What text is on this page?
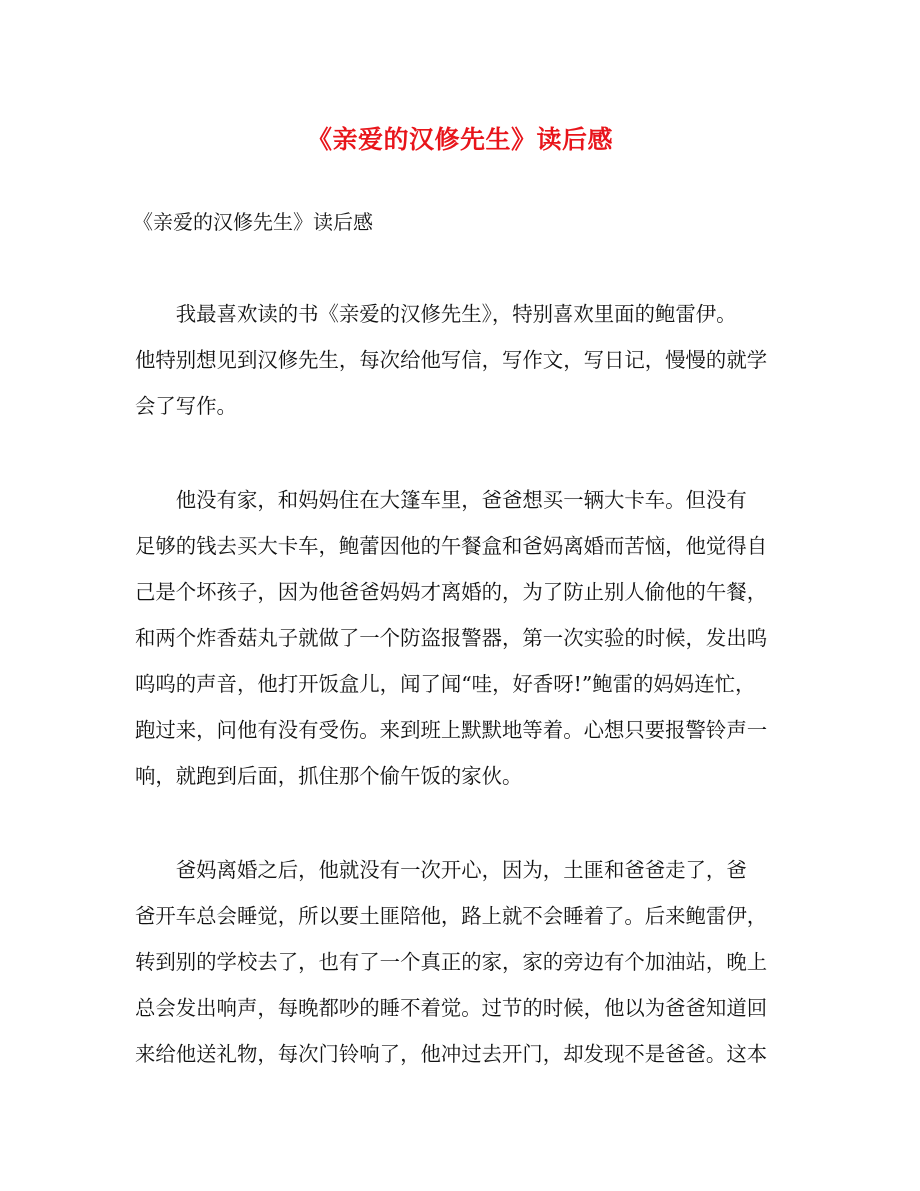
《亲爱的汉修先生》读后感
《亲爱的汉修先生》读后感
　　我最喜欢读的书《亲爱的汉修先生》，特别喜欢里面的鲍雷伊。
他特别想见到汉修先生，每次给他写信，写作文，写日记，慢慢的就学
会了写作。
　　他没有家，和妈妈住在大篷车里，爸爸想买一辆大卡车。但没有
足够的钱去买大卡车，鲍蕾因他的午餐盒和爸妈离婚而苦恼，他觉得自
己是个坏孩子，因为他爸爸妈妈才离婚的，为了防止别人偷他的午餐，
和两个炸香菇丸子就做了一个防盗报警器，第一次实验的时候，发出呜
呜呜的声音，他打开饭盒儿，闻了闻“哇，好香呀!”鲍雷的妈妈连忙，
跑过来，问他有没有受伤。来到班上默默地等着。心想只要报警铃声一
响，就跑到后面，抓住那个偷午饭的家伙。
　　爸妈离婚之后，他就没有一次开心，因为，土匪和爸爸走了，爸
爸开车总会睡觉，所以要土匪陪他，路上就不会睡着了。后来鲍雷伊，
转到别的学校去了，也有了一个真正的家，家的旁边有个加油站，晚上
总会发出响声，每晚都吵的睡不着觉。过节的时候，他以为爸爸知道回
来给他送礼物，每次门铃响了，他冲过去开门，却发现不是爸爸。这本
